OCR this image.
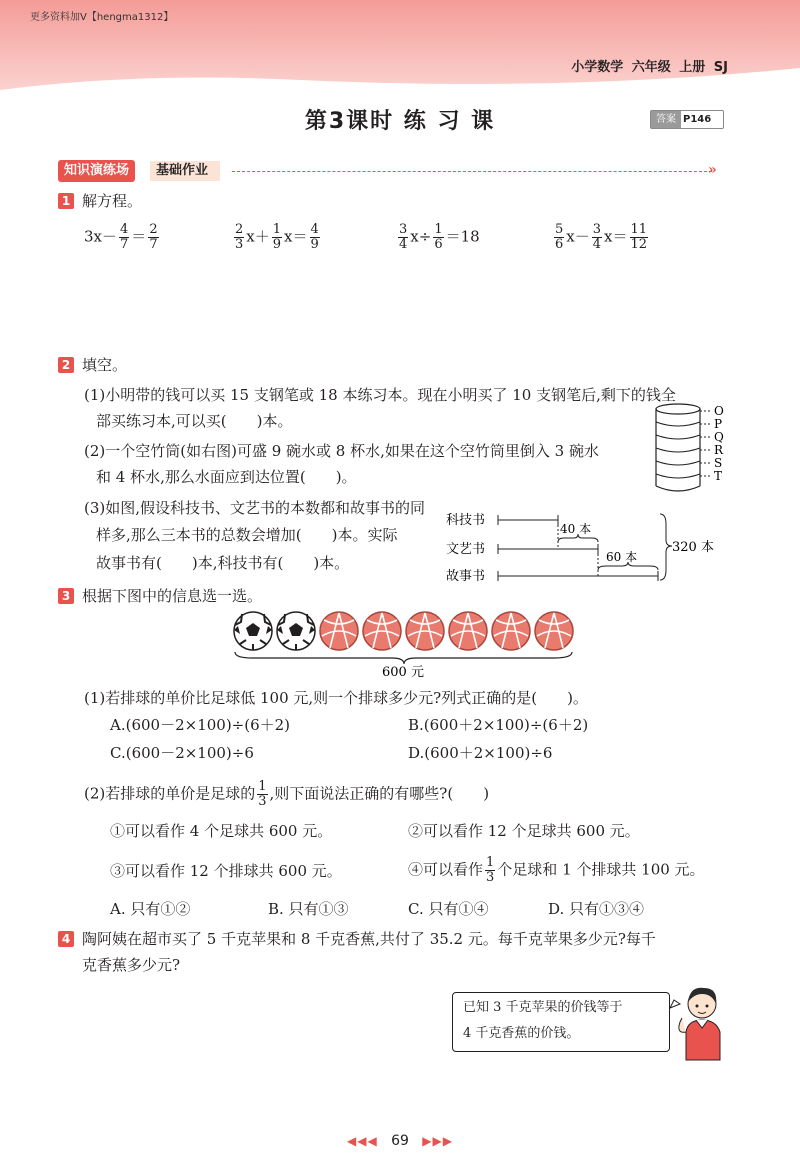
更多资料加V【hengma1312】
小学数学 六年级 上册 SJ
第3课时 练 习 课	答案 P146
基础作业
知识演练场	»
1 解方程。
$3x- \frac{4}{7} = \frac{2}{7}$	$\frac{2}{3} x+ \frac{1}{9} x= \frac{4}{9}$	$\frac{3}{4} x\div \frac{1}{6} =18$	$\frac{5}{6} x- \frac{3}{4} x= \frac{11}{12}$
2 填空。
(1)小明带的钱可以买 15 支钢笔或 18 本练习本。现在小明买了 10 支钢笔后,剩下的钱全
部买练习本,可以买(　　)本。
(2)一个空竹筒(如右图)可盛 9 碗水或 8 杯水,如果在这个空竹筒里倒入 3 碗水
和 4 杯水,那么水面应到达位置(　　)。
O
P
Q
R
S
T
(3)如图,假设科技书、文艺书的本数都和故事书的同
样多,那么三本书的总数会增加(　　)本。实际
故事书有(　　)本,科技书有(　　)本。
科技书
文艺书
故事书
40 本
60 本
320 本
3 根据下图中的信息选一选。
600 元
(1)若排球的单价比足球低 100 元,则一个排球多少元?列式正确的是(　　)。
A.(600－2×100)÷(6＋2)	B.(600＋2×100)÷(6＋2)
C.(600－2×100)÷6	D.(600＋2×100)÷6
(2)若排球的单价是足球的 $\frac{1}{3}$ ,则下面说法正确的有哪些?(　　)
①可以看作 4 个足球共 600 元。	②可以看作 12 个足球共 600 元。
③可以看作 12 个排球共 600 元。	④可以看作 $\frac{1}{3}$ 个足球和 1 个排球共 100 元。
A. 只有①②	B. 只有①③	C. 只有①④	D. 只有①③④
4 陶阿姨在超市买了 5 千克苹果和 8 千克香蕉,共付了 35.2 元。每千克苹果多少元?每千
克香蕉多少元?
已知 3 千克苹果的价钱等于
4 千克香蕉的价钱。
◀◀◀ 69 ▶▶▶
